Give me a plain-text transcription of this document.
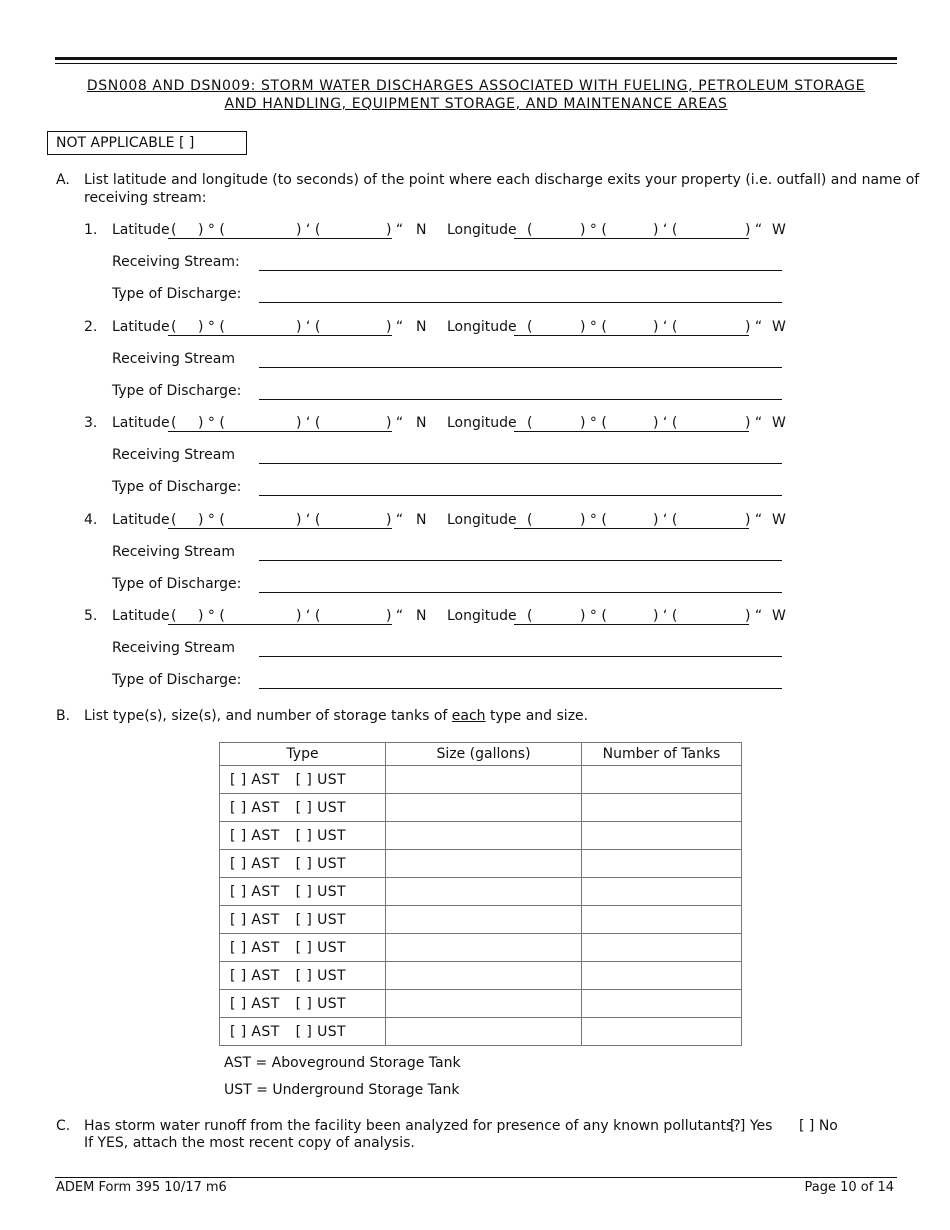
DSN008 AND DSN009: STORM WATER DISCHARGES ASSOCIATED WITH FUELING, PETROLEUM STORAGE
AND HANDLING, EQUIPMENT STORAGE, AND MAINTENANCE AREAS
NOT APPLICABLE [ ]
A. List latitude and longitude (to seconds) of the point where each discharge exits your property (i.e. outfall) and name of
receiving stream:
1. Latitude ( ) ° (	) ‘ (	) “ N Longitude (	) ° (	) ‘ (	) “ W
Receiving Stream:
Type of Discharge:
2. Latitude ( ) ° (	) ‘ (	) “ N Longitude (	) ° (	) ‘ (	) “ W
Receiving Stream
Type of Discharge:
3. Latitude ( ) ° (	) ‘ (	) “ N Longitude (	) ° (	) ‘ (	) “ W
Receiving Stream
Type of Discharge:
4. Latitude ( ) ° (	) ‘ (	) “ N Longitude (	) ° (	) ‘ (	) “ W
Receiving Stream
Type of Discharge:
5. Latitude ( ) ° (	) ‘ (	) “ N Longitude (	) ° (	) ‘ (	) “ W
Receiving Stream
Type of Discharge:
B. List type(s), size(s), and number of storage tanks of each type and size.
Type	Size (gallons)	Number of Tanks
[ ] AST [ ] UST		
[ ] AST [ ] UST		
[ ] AST [ ] UST		
[ ] AST [ ] UST		
[ ] AST [ ] UST		
[ ] AST [ ] UST		
[ ] AST [ ] UST		
[ ] AST [ ] UST		
[ ] AST [ ] UST		
[ ] AST [ ] UST		
AST = Aboveground Storage Tank
UST = Underground Storage Tank
C. Has storm water runoff from the facility been analyzed for presence of any known pollutants?
[ ] Yes [ ] No
If YES, attach the most recent copy of analysis.
ADEM Form 395 10/17 m6	Page 10 of 14
